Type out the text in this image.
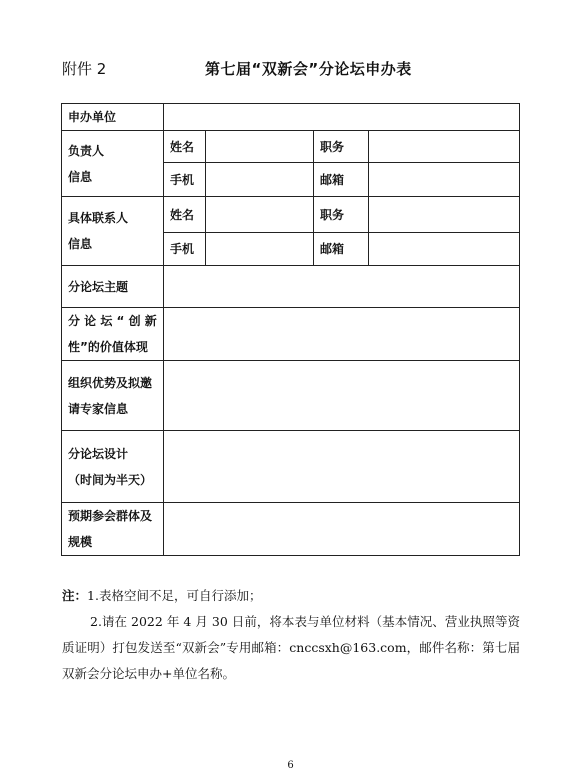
附件 2	第七届“双新会”分论坛申办表
申办单位				

负责人
信息	姓名		职务	
	手机		邮箱	

具体联系人
信息	姓名		职务	
	手机		邮箱	
分论坛主题				

分 论 坛 “ 创 新
性”的价值体现				

组织优势及拟邀
请专家信息				

分论坛设计
（时间为半天）				

预期参会群体及
规模				

注：1.表格空间不足，可自行添加；

2.请在 2022 年 4 月 30 日前，将本表与单位材料（基本情况、营业执照等资质证明）打包发送至“双新会”专用邮箱：cnccsxh@163.com，邮件名称：第七届双新会分论坛申办+单位名称。

6
